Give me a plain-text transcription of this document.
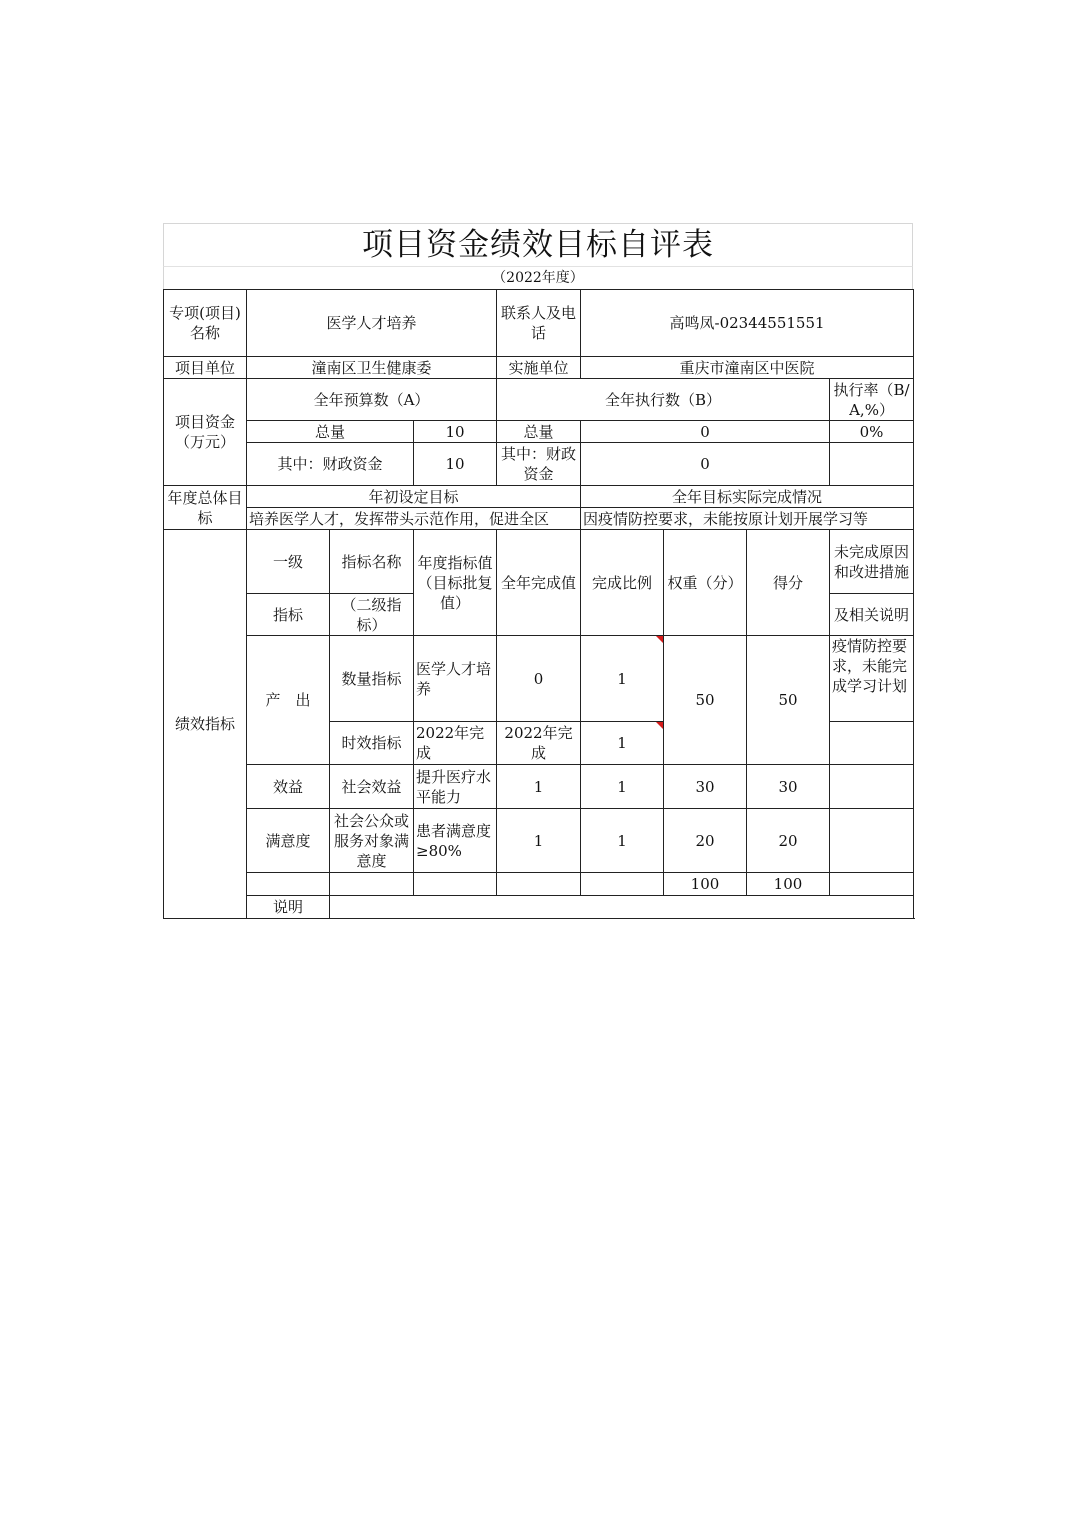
项目资金绩效目标自评表
（2022年度）
专项(项目)名称	医学人才培养			联系人及电话	高鸣凤-02344551551			
项目单位	潼南区卫生健康委			实施单位	重庆市潼南区中医院			
项目资金（万元）	全年预算数（A）			全年执行数（B）				执行率（B/A,%）
	总量		10	总量	0			0%
	其中：财政资金		10	其中：财政资金	0			
年度总体目标	年初设定目标				全年目标实际完成情况			
	培养医学人才，发挥带头示范作用，促进全区				因疫情防控要求，未能按原计划开展学习等			
绩效指标	一级	指标名称	年度指标值（目标批复值）	全年完成值	完成比例	权重（分）	得分	未完成原因和改进措施
	指标	（二级指标）						及相关说明
	产　出	数量指标	医学人才培养	0	1	50	50	疫情防控要求，未能完成学习计划
		时效指标	2022年完成	2022年完成	1			
	效益	社会效益	提升医疗水平能力	1	1	30	30	
	满意度	社会公众或服务对象满意度	患者满意度≥80%	1	1	20	20	
						100	100	
	说明							
